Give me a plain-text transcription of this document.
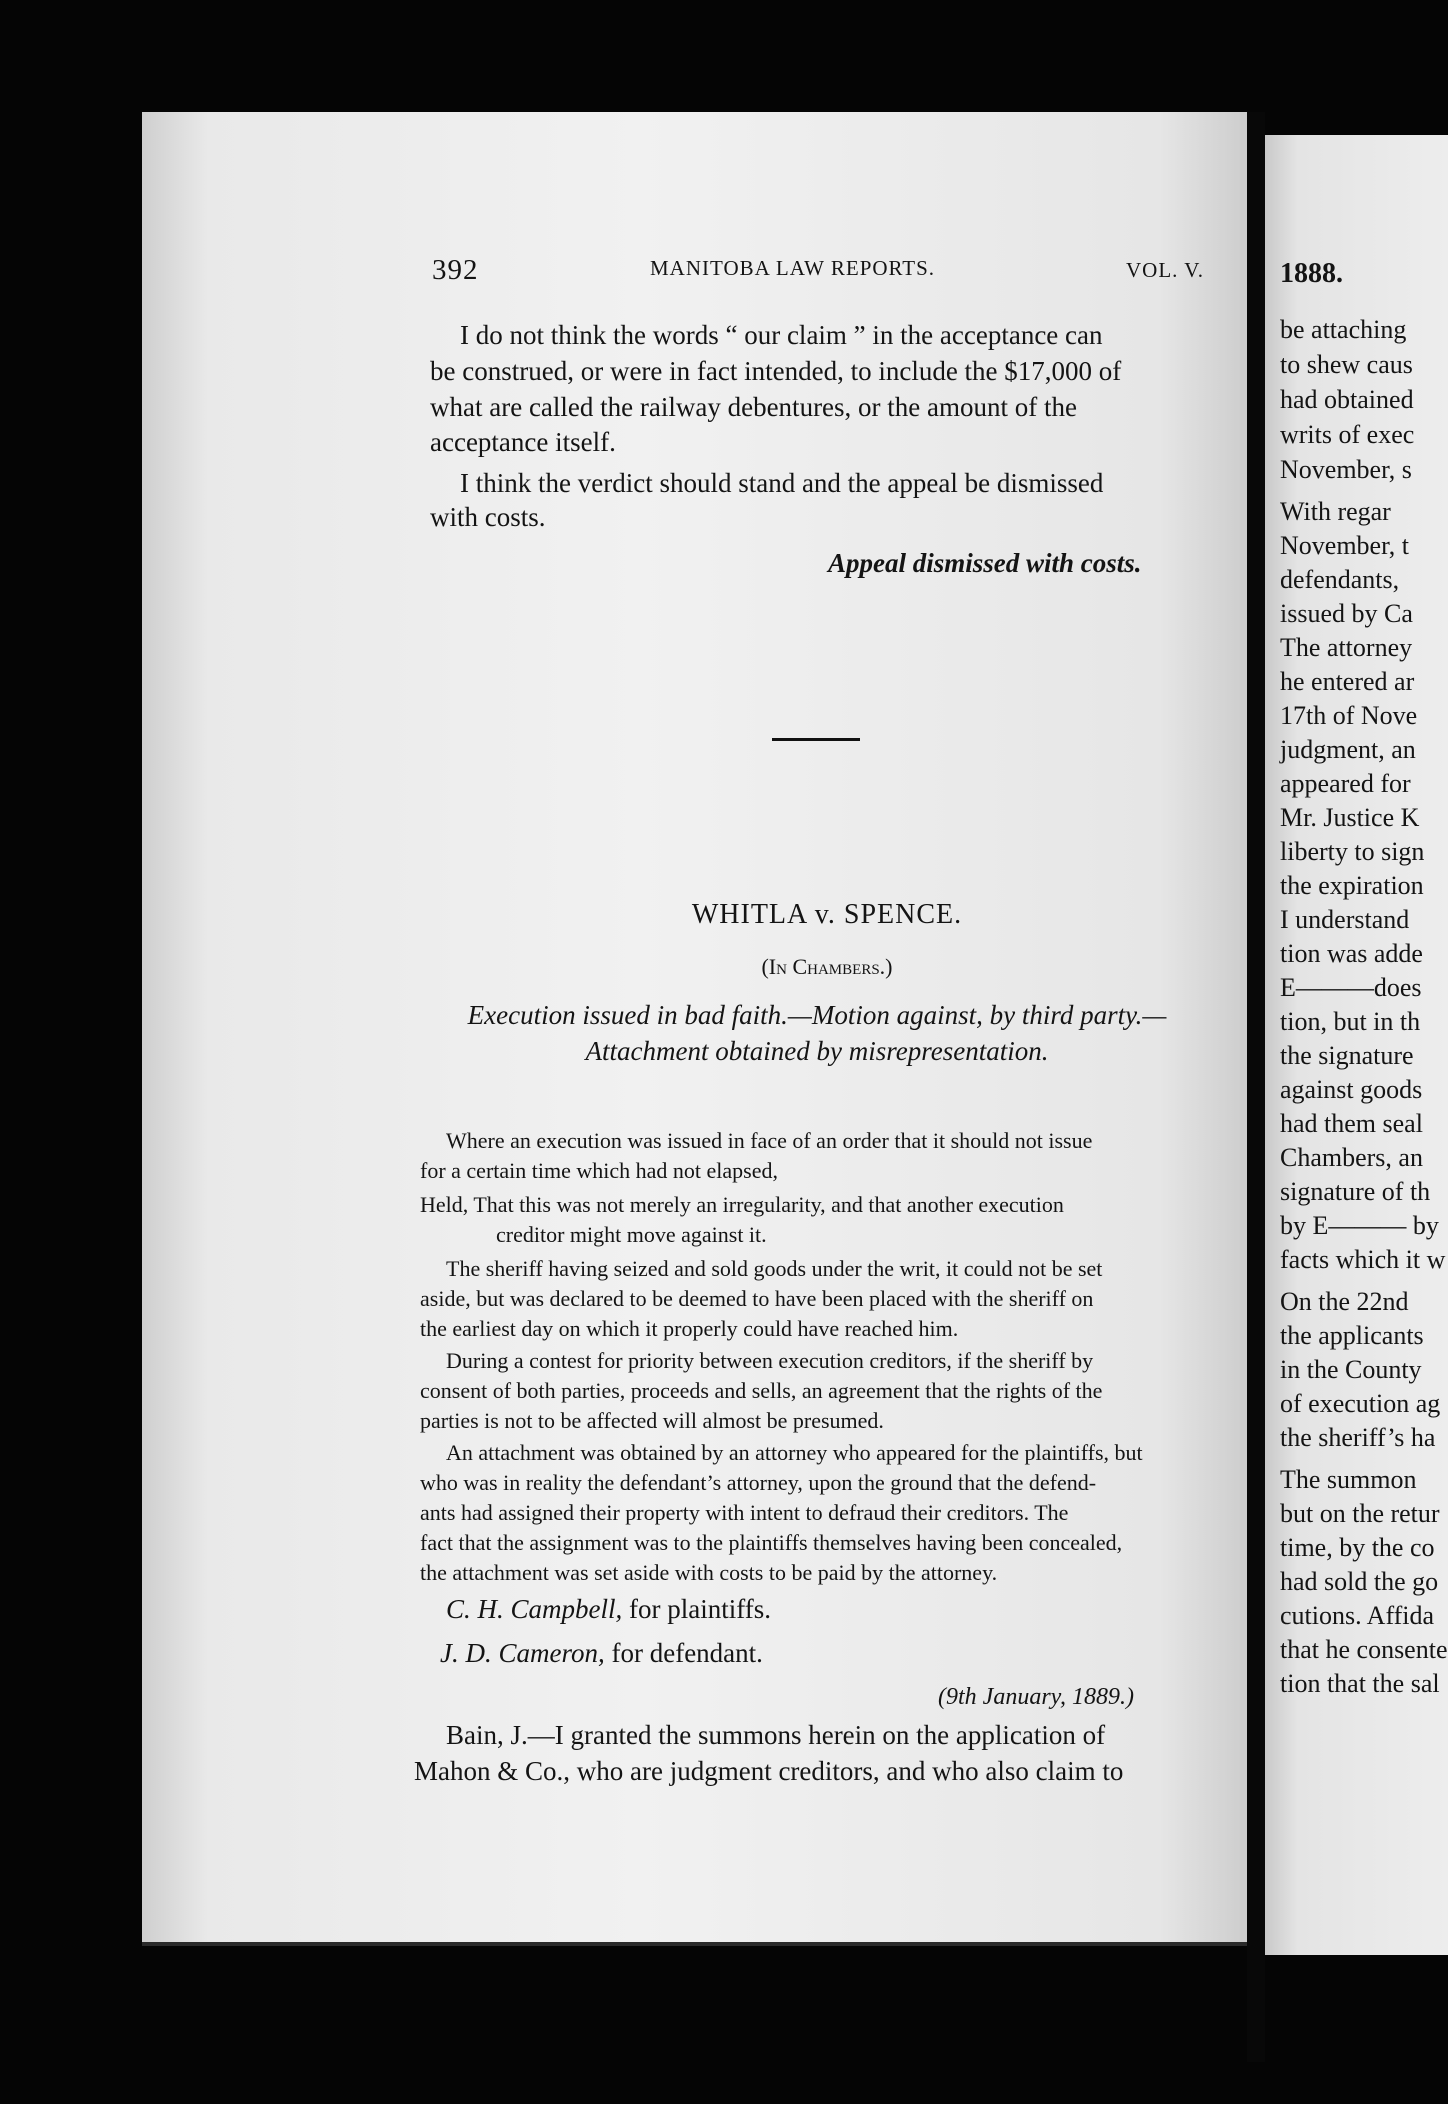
1888.
be attaching
to shew caus
had obtained
writs of exec
November, s
With regar
November, t
defendants,
issued by Ca
The attorney
he entered ar
17th of Nove
judgment, an
appeared for
Mr. Justice K
liberty to sign
the expiration
I understand
tion was adde
E———does
tion, but in th
the signature
against goods
had them seal
Chambers, an
signature of th
by E——— by
facts which it w
On the 22nd
the applicants
in the County
of execution ag
the sheriff’s ha
The summon
but on the retur
time, by the co
had sold the go
cutions. Affida
that he consente
tion that the sal
392	MANITOBA LAW REPORTS.	VOL. V.
I do not think the words “ our claim ” in the acceptance can
be construed, or were in fact intended, to include the $17,000 of
what are called the railway debentures, or the amount of the
acceptance itself.
I think the verdict should stand and the appeal be dismissed
with costs.
Appeal dismissed with costs.
WHITLA v. SPENCE.
(In Chambers.)
Execution issued in bad faith.—Motion against, by third party.—
Attachment obtained by misrepresentation.
Where an execution was issued in face of an order that it should not issue
for a certain time which had not elapsed,
Held, That this was not merely an irregularity, and that another execution
creditor might move against it.
The sheriff having seized and sold goods under the writ, it could not be set
aside, but was declared to be deemed to have been placed with the sheriff on
the earliest day on which it properly could have reached him.
During a contest for priority between execution creditors, if the sheriff by
consent of both parties, proceeds and sells, an agreement that the rights of the
parties is not to be affected will almost be presumed.
An attachment was obtained by an attorney who appeared for the plaintiffs, but
who was in reality the defendant’s attorney, upon the ground that the defend-
ants had assigned their property with intent to defraud their creditors. The
fact that the assignment was to the plaintiffs themselves having been concealed,
the attachment was set aside with costs to be paid by the attorney.
C. H. Campbell, for plaintiffs.
J. D. Cameron, for defendant.
(9th January, 1889.)
Bain, J.—I granted the summons herein on the application of
Mahon & Co., who are judgment creditors, and who also claim to
